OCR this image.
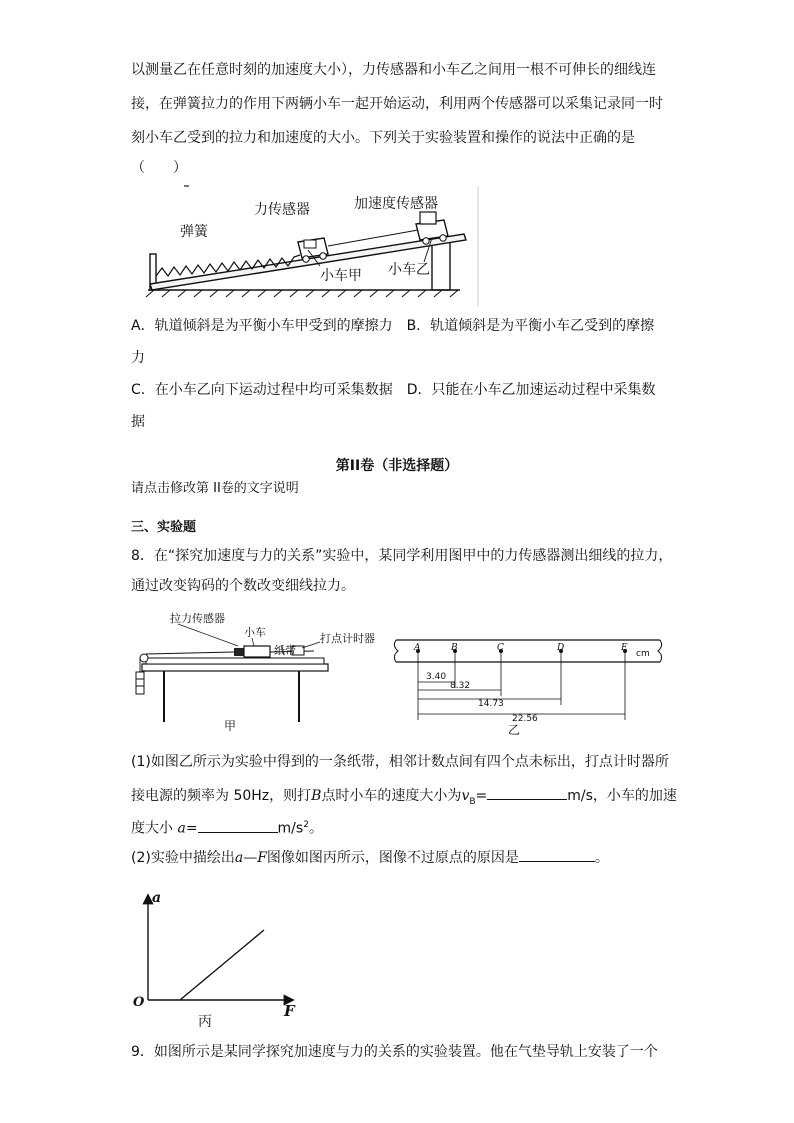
以测量乙在任意时刻的加速度大小），力传感器和小车乙之间用一根不可伸长的细线连
接，在弹簧拉力的作用下两辆小车一起开始运动，利用两个传感器可以采集记录同一时
刻小车乙受到的拉力和加速度的大小。下列关于实验装置和操作的说法中正确的是
（　　）
力传感器	加速度传感器
弹簧
小车甲 小车乙
A．轨道倾斜是为平衡小车甲受到的摩擦力　B．轨道倾斜是为平衡小车乙受到的摩擦
力
C．在小车乙向下运动过程中均可采集数据　D．只能在小车乙加速运动过程中采集数
据
第II卷（非选择题）
请点击修改第 II卷的文字说明
三、实验题
8．在“探究加速度与力的关系”实验中，某同学利用图甲中的力传感器测出细线的拉力，
通过改变钩码的个数改变细线拉力。
拉力传感器
小车
纸带
打点计时器
甲
A	B	C	D	E
cm
3.40
8.32
14.73
22.56
乙
(1)如图乙所示为实验中得到的一条纸带，相邻计数点间有四个点未标出，打点计时器所
接电源的频率为 50Hz，则打B点时小车的速度大小为$v_B=$	m/s，小车的加速
度大小 a=	$m/s^2$。
(2)实验中描绘出a—F图像如图丙所示，图像不过原点的原因是	。
a
F
O
丙
9．如图所示是某同学探究加速度与力的关系的实验装置。他在气垫导轨上安装了一个
